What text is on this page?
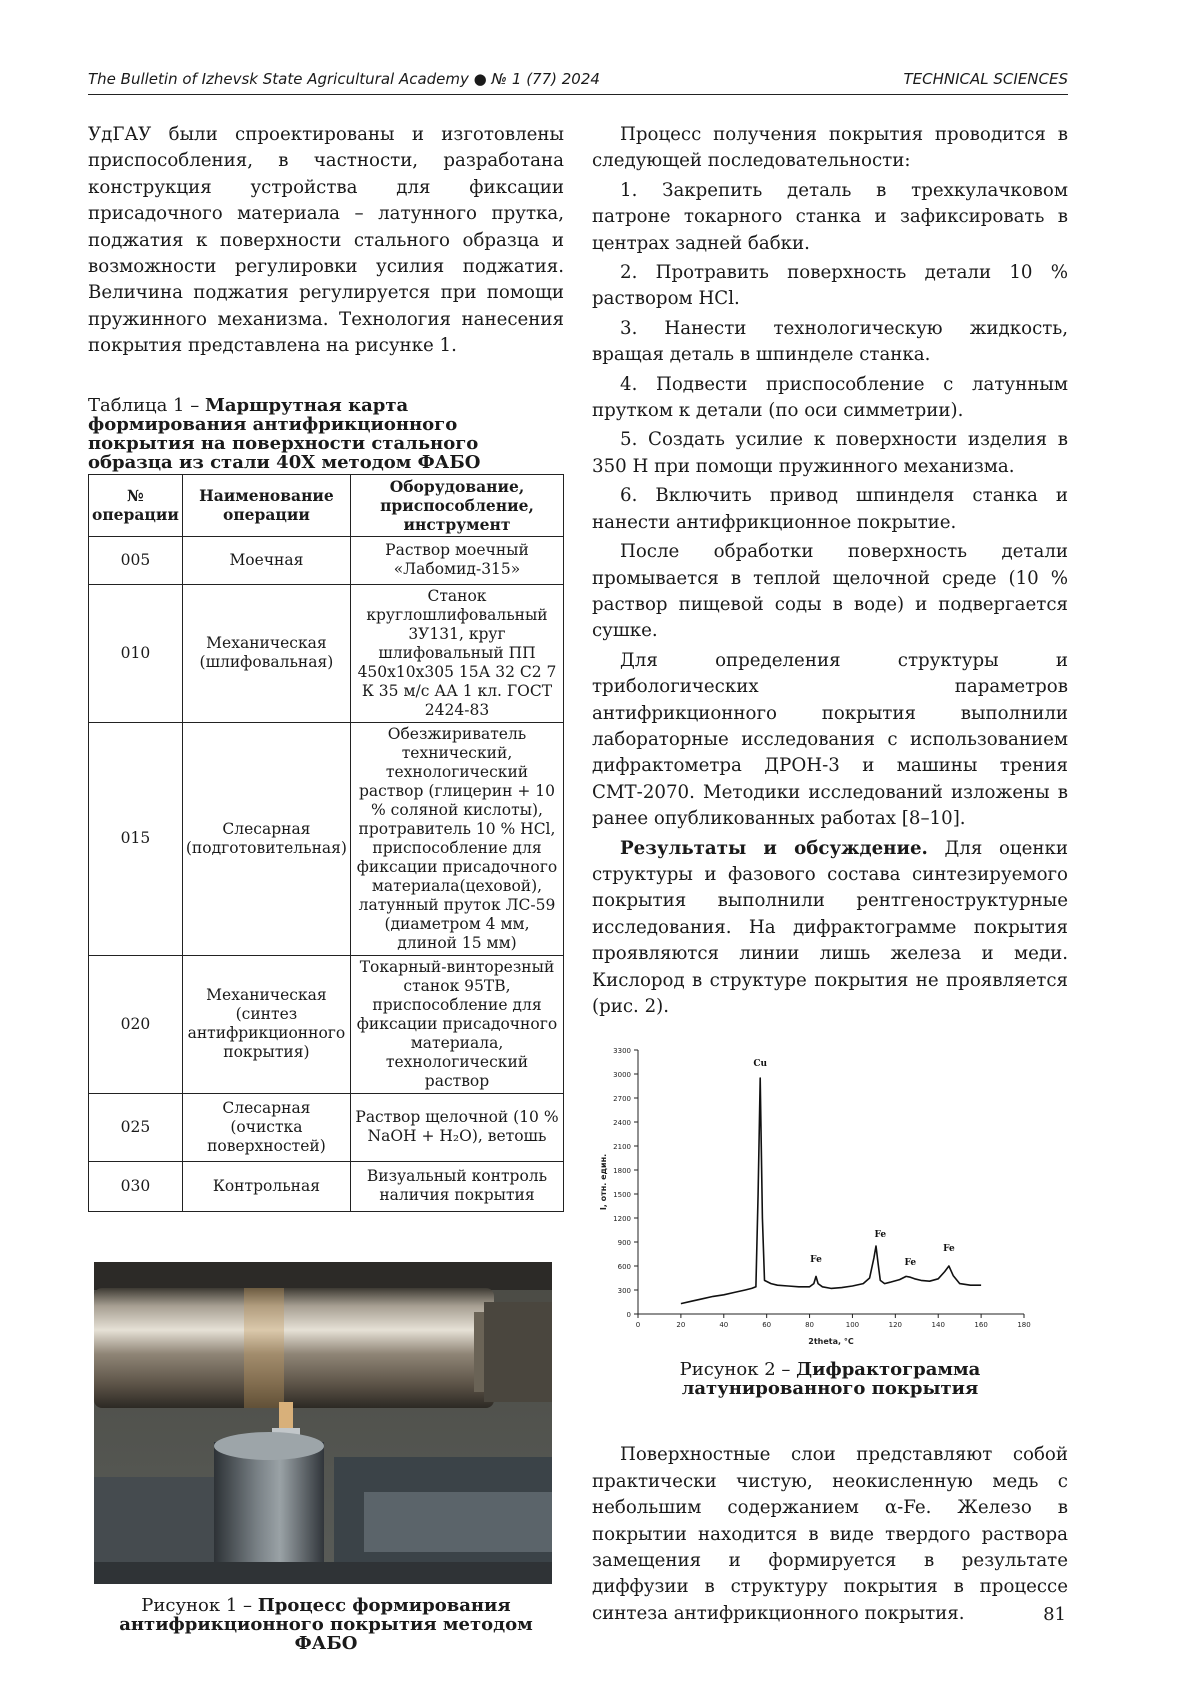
The Bulletin of Izhevsk State Agricultural Academy ● № 1 (77) 2024	TECHNICAL SCIENCES

УдГАУ были спроектированы и изготовлены приспособления, в частности, разработана конструкция устройства для фиксации присадочного материала – латунного прутка, поджатия к поверхности стального образца и возможности регулировки усилия поджатия. Величина поджатия регулируется при помощи пружинного механизма. Технология нанесения покрытия представлена на рисунке 1.

Таблица 1 – Маршрутная карта формирования антифрикционного покрытия на поверхности стального образца из стали 40Х методом ФАБО
№ операции	Наименование операции	Оборудование, приспособление, инструмент
005	Моечная	Раствор моечный «Лабомид-315»
010	Механическая (шлифовальная)	Станок круглошлифовальный 3У131, круг шлифовальный ПП 450х10х305 15А 32 С2 7 К 35 м/с АА 1 кл. ГОСТ 2424-83
015	Слесарная (подготовительная)	Обезжириватель технический, технологический раствор (глицерин + 10 % соляной кислоты), протравитель 10 % HCl, приспособление для фиксации присадочного материала(цеховой), латунный пруток ЛС-59 (диаметром 4 мм, длиной 15 мм)
020	Механическая (синтез антифрикционного покрытия)	Токарный-винторезный станок 95ТВ, приспособление для фиксации присадочного материала, технологический раствор
025	Слесарная (очистка поверхностей)	Раствор щелочной (10 % NaOH + H₂O), ветошь
030	Контрольная	Визуальный контроль наличия покрытия
Рисунок 1 – Процесс формирования антифрикционного покрытия методом ФАБО

Процесс получения покрытия проводится в следующей последовательности:

1. Закрепить деталь в трехкулачковом патроне токарного станка и зафиксировать в центрах задней бабки.

2. Протравить поверхность детали 10 % раствором HCl.

3. Нанести технологическую жидкость, вращая деталь в шпинделе станка.

4. Подвести приспособление с латунным прутком к детали (по оси симметрии).

5. Создать усилие к поверхности изделия в 350 Н при помощи пружинного механизма.

6. Включить привод шпинделя станка и нанести антифрикционное покрытие.

После обработки поверхность детали промывается в теплой щелочной среде (10 % раствор пищевой соды в воде) и подвергается сушке.

Для определения структуры и трибологических параметров антифрикционного покрытия выполнили лабораторные исследования с использованием дифрактометра ДРОН-3 и машины трения СМТ-2070. Методики исследований изложены в ранее опубликованных работах [8–10].

Результаты и обсуждение. Для оценки структуры и фазового состава синтезируемого покрытия выполнили рентгеноструктурные исследования. На дифрактограмме покрытия проявляются линии лишь железа и меди. Кислород в структуре покрытия не проявляется (рис. 2).

0
300
600
900
1200
1500
1800
2100
2400
2700
3000
3300
0	20	40	60	80	100	120	140	160	180
2theta, °C
I, отн. един.
Cu
Fe
Fe
Fe
Fe
Рисунок 2 – Дифрактограмма латунированного покрытия

Поверхностные слои представляют собой практически чистую, неокисленную медь с небольшим содержанием α-Fe. Железо в покрытии находится в виде твердого раствора замещения и формируется в результате диффузии в структуру покрытия в процессе синтеза антифрикционного покрытия.	81
